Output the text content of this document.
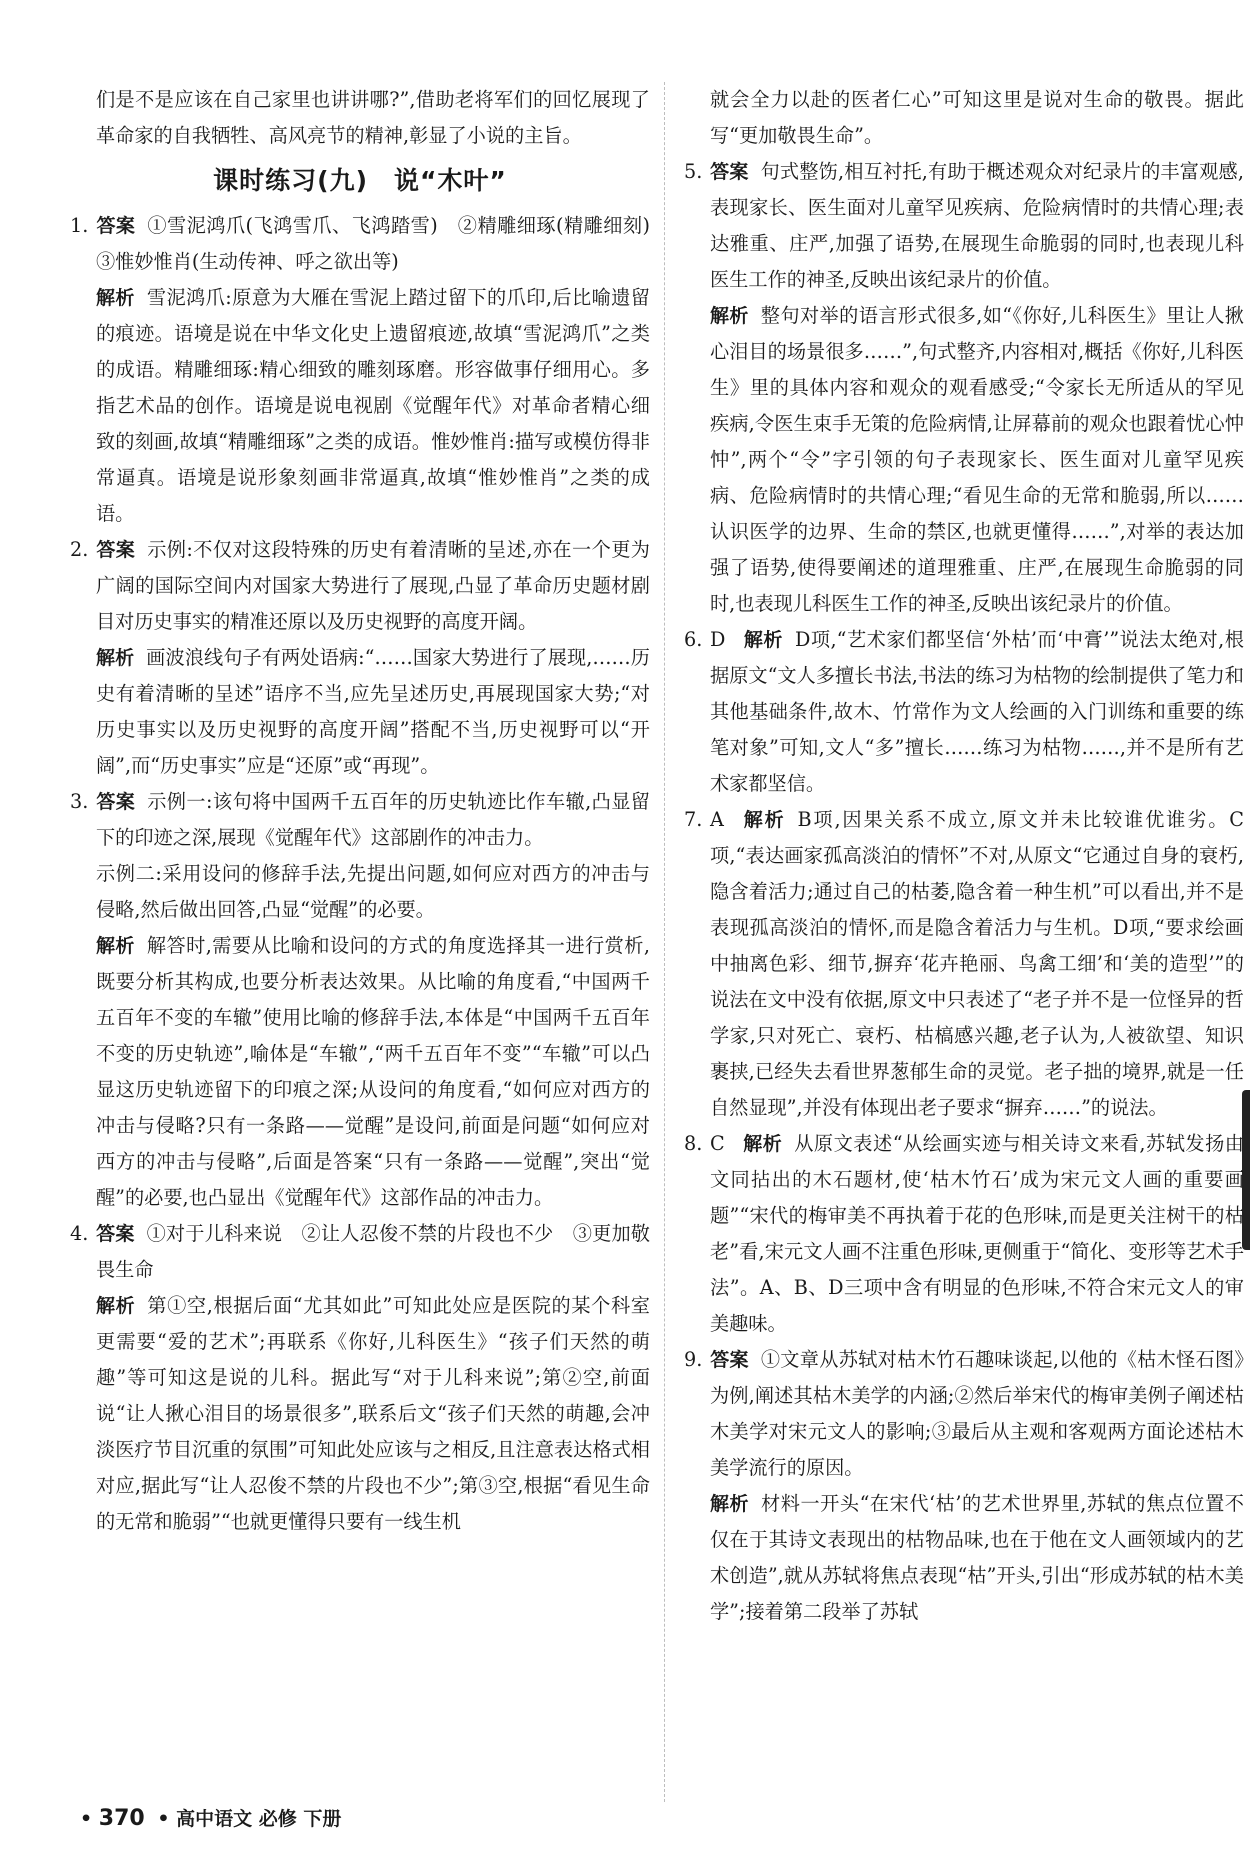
们是不是应该在自己家里也讲讲哪?”,借助老将军们的回忆展现了革命家的自我牺牲、高风亮节的精神,彰显了小说的主旨。
课时练习(九)　说“木叶”
1. 答案 ①雪泥鸿爪(飞鸿雪爪、飞鸿踏雪)　②精雕细琢(精雕细刻)　③惟妙惟肖(生动传神、呼之欲出等)
解析 雪泥鸿爪:原意为大雁在雪泥上踏过留下的爪印,后比喻遗留的痕迹。语境是说在中华文化史上遗留痕迹,故填“雪泥鸿爪”之类的成语。精雕细琢:精心细致的雕刻琢磨。形容做事仔细用心。多指艺术品的创作。语境是说电视剧《觉醒年代》对革命者精心细致的刻画,故填“精雕细琢”之类的成语。惟妙惟肖:描写或模仿得非常逼真。语境是说形象刻画非常逼真,故填“惟妙惟肖”之类的成语。
2. 答案 示例:不仅对这段特殊的历史有着清晰的呈述,亦在一个更为广阔的国际空间内对国家大势进行了展现,凸显了革命历史题材剧目对历史事实的精准还原以及历史视野的高度开阔。
解析 画波浪线句子有两处语病:“……国家大势进行了展现,……历史有着清晰的呈述”语序不当,应先呈述历史,再展现国家大势;“对历史事实以及历史视野的高度开阔”搭配不当,历史视野可以“开阔”,而“历史事实”应是“还原”或“再现”。
3. 答案 示例一:该句将中国两千五百年的历史轨迹比作车辙,凸显留下的印迹之深,展现《觉醒年代》这部剧作的冲击力。
示例二:采用设问的修辞手法,先提出问题,如何应对西方的冲击与侵略,然后做出回答,凸显“觉醒”的必要。
解析 解答时,需要从比喻和设问的方式的角度选择其一进行赏析,既要分析其构成,也要分析表达效果。从比喻的角度看,“中国两千五百年不变的车辙”使用比喻的修辞手法,本体是“中国两千五百年不变的历史轨迹”,喻体是“车辙”,“两千五百年不变”“车辙”可以凸显这历史轨迹留下的印痕之深;从设问的角度看,“如何应对西方的冲击与侵略?只有一条路——觉醒”是设问,前面是问题“如何应对西方的冲击与侵略”,后面是答案“只有一条路——觉醒”,突出“觉醒”的必要,也凸显出《觉醒年代》这部作品的冲击力。
4. 答案 ①对于儿科来说　②让人忍俊不禁的片段也不少　③更加敬畏生命
解析 第①空,根据后面“尤其如此”可知此处应是医院的某个科室更需要“爱的艺术”;再联系《你好,儿科医生》“孩子们天然的萌趣”等可知这是说的儿科。据此写“对于儿科来说”;第②空,前面说“让人揪心泪目的场景很多”,联系后文“孩子们天然的萌趣,会冲淡医疗节目沉重的氛围”可知此处应该与之相反,且注意表达格式相对应,据此写“让人忍俊不禁的片段也不少”;第③空,根据“看见生命的无常和脆弱”“也就更懂得只要有一线生机
就会全力以赴的医者仁心”可知这里是说对生命的敬畏。据此写“更加敬畏生命”。
5. 答案 句式整饬,相互衬托,有助于概述观众对纪录片的丰富观感,表现家长、医生面对儿童罕见疾病、危险病情时的共情心理;表达雅重、庄严,加强了语势,在展现生命脆弱的同时,也表现儿科医生工作的神圣,反映出该纪录片的价值。
解析 整句对举的语言形式很多,如“《你好,儿科医生》里让人揪心泪目的场景很多……”,句式整齐,内容相对,概括《你好,儿科医生》里的具体内容和观众的观看感受;“令家长无所适从的罕见疾病,令医生束手无策的危险病情,让屏幕前的观众也跟着忧心忡忡”,两个“令”字引领的句子表现家长、医生面对儿童罕见疾病、危险病情时的共情心理;“看见生命的无常和脆弱,所以……认识医学的边界、生命的禁区,也就更懂得……”,对举的表达加强了语势,使得要阐述的道理雅重、庄严,在展现生命脆弱的同时,也表现儿科医生工作的神圣,反映出该纪录片的价值。
6. D 解析 D项,“艺术家们都坚信‘外枯’而‘中膏’”说法太绝对,根据原文“文人多擅长书法,书法的练习为枯物的绘制提供了笔力和其他基础条件,故木、竹常作为文人绘画的入门训练和重要的练笔对象”可知,文人“多”擅长……练习为枯物……,并不是所有艺术家都坚信。
7. A 解析 B项,因果关系不成立,原文并未比较谁优谁劣。C项,“表达画家孤高淡泊的情怀”不对,从原文“它通过自身的衰朽,隐含着活力;通过自己的枯萎,隐含着一种生机”可以看出,并不是表现孤高淡泊的情怀,而是隐含着活力与生机。D项,“要求绘画中抽离色彩、细节,摒弃‘花卉艳丽、鸟禽工细’和‘美的造型’”的说法在文中没有依据,原文中只表述了“老子并不是一位怪异的哲学家,只对死亡、衰朽、枯槁感兴趣,老子认为,人被欲望、知识裹挟,已经失去看世界葱郁生命的灵觉。老子拙的境界,就是一任自然显现”,并没有体现出老子要求“摒弃……”的说法。
8. C 解析 从原文表述“从绘画实迹与相关诗文来看,苏轼发扬由文同拈出的木石题材,使‘枯木竹石’成为宋元文人画的重要画题”“宋代的梅审美不再执着于花的色形味,而是更关注树干的枯老”看,宋元文人画不注重色形味,更侧重于“简化、变形等艺术手法”。A、B、D三项中含有明显的色形味,不符合宋元文人的审美趣味。
9. 答案 ①文章从苏轼对枯木竹石趣味谈起,以他的《枯木怪石图》为例,阐述其枯木美学的内涵;②然后举宋代的梅审美例子阐述枯木美学对宋元文人的影响;③最后从主观和客观两方面论述枯木美学流行的原因。
解析 材料一开头“在宋代‘枯’的艺术世界里,苏轼的焦点位置不仅在于其诗文表现出的枯物品味,也在于他在文人画领域内的艺术创造”,就从苏轼将焦点表现“枯”开头,引出“形成苏轼的枯木美学”;接着第二段举了苏轼
• 370 • 高中语文 必修 下册
